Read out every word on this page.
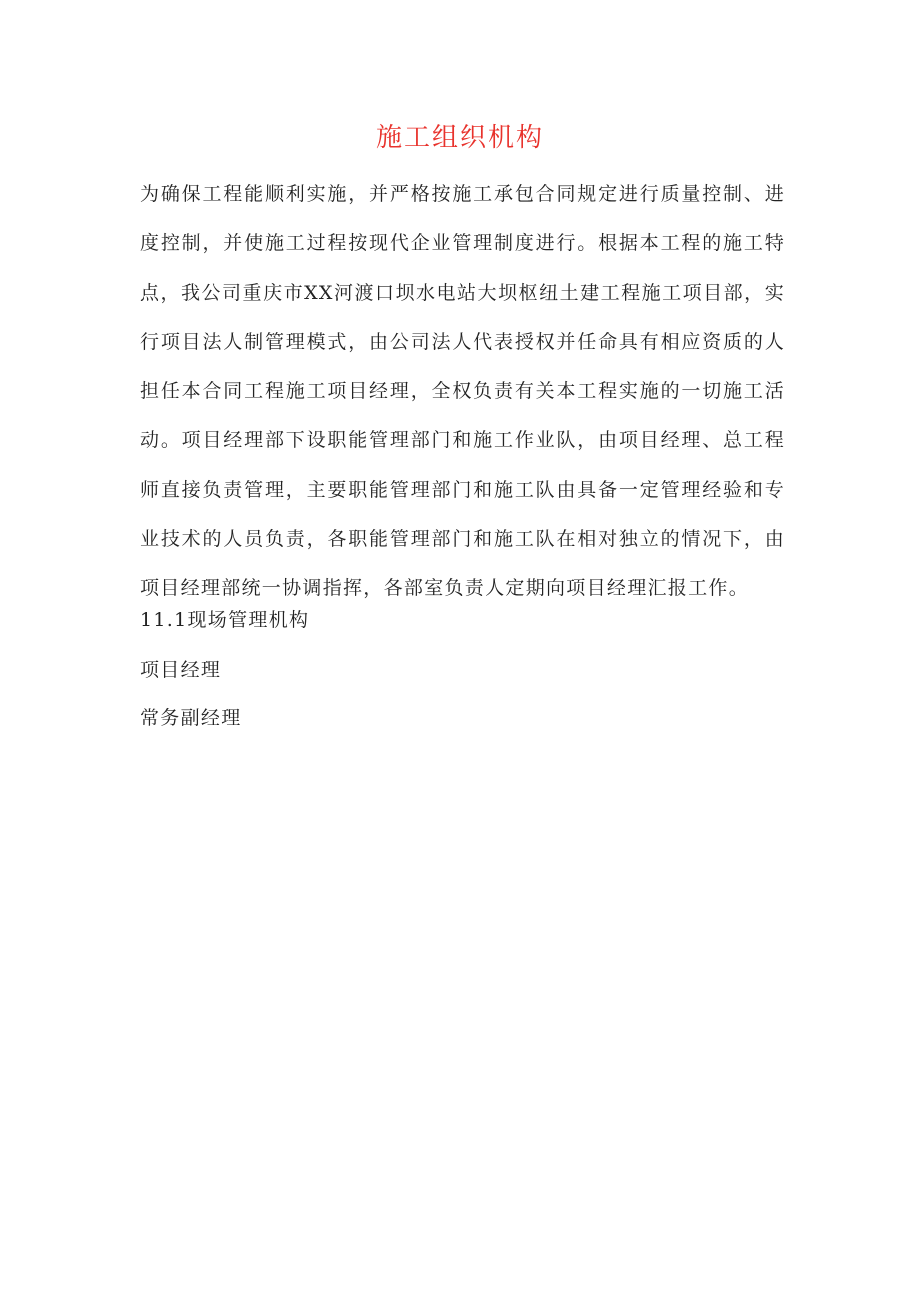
施工组织机构
为确保工程能顺利实施，并严格按施工承包合同规定进行质量控制、进度控制，并使施工过程按现代企业管理制度进行。根据本工程的施工特点，我公司重庆市XX河渡口坝水电站大坝枢纽土建工程施工项目部，实行项目法人制管理模式，由公司法人代表授权并任命具有相应资质的人担任本合同工程施工项目经理，全权负责有关本工程实施的一切施工活动。项目经理部下设职能管理部门和施工作业队，由项目经理、总工程师直接负责管理，主要职能管理部门和施工队由具备一定管理经验和专业技术的人员负责，各职能管理部门和施工队在相对独立的情况下，由项目经理部统一协调指挥，各部室负责人定期向项目经理汇报工作。
11.1现场管理机构
项目经理
常务副经理
